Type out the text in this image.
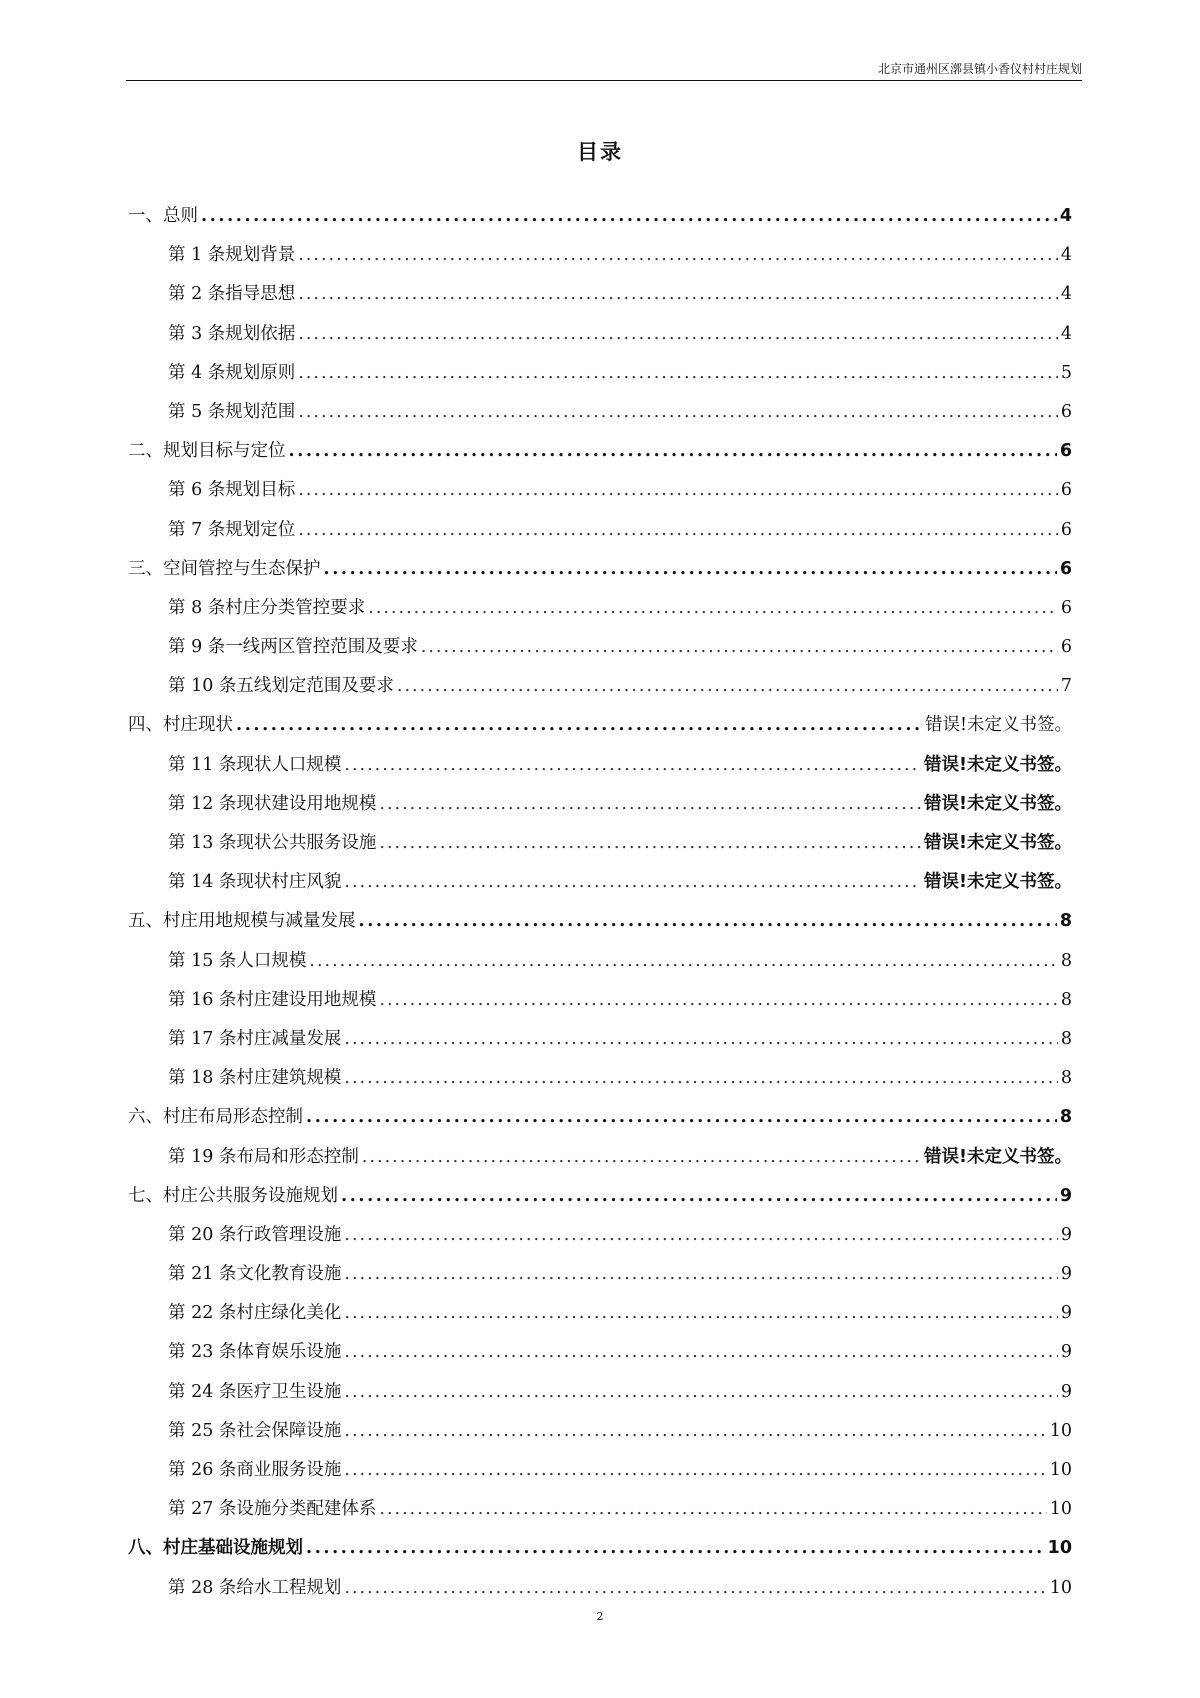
北京市通州区漷县镇小香仪村村庄规划
目录
一、 总则 .....	4
第 1 条 规划背景 .....	4
第 2 条 指导思想 .....	4
第 3 条 规划依据 .....	4
第 4 条 规划原则 .....	5
第 5 条 规划范围 .....	6
二、 规划目标与定位 .....	6
第 6 条 规划目标 .....	6
第 7 条 规划定位 .....	6
三、 空间管控与生态保护 .....	6
第 8 条 村庄分类管控要求 .....	6
第 9 条 一线两区管控范围及要求 .....	6
第 10 条 五线划定范围及要求 .....	7
四、 村庄现状 .....	错误!未定义书签。
第 11 条 现状人口规模 .....	错误!未定义书签。
第 12 条 现状建设用地规模 .....	错误!未定义书签。
第 13 条 现状公共服务设施 .....	错误!未定义书签。
第 14 条 现状村庄风貌 .....	错误!未定义书签。
五、 村庄用地规模与减量发展 .....	8
第 15 条 人口规模 .....	8
第 16 条 村庄建设用地规模 .....	8
第 17 条 村庄减量发展 .....	8
第 18 条 村庄建筑规模 .....	8
六、 村庄布局形态控制 .....	8
第 19 条 布局和形态控制 .....	错误!未定义书签。
七、 村庄公共服务设施规划 .....	9
第 20 条 行政管理设施 .....	9
第 21 条 文化教育设施 .....	9
第 22 条 村庄绿化美化 .....	9
第 23 条 体育娱乐设施 .....	9
第 24 条 医疗卫生设施 .....	9
第 25 条 社会保障设施 .....	10
第 26 条 商业服务设施 .....	10
第 27 条 设施分类配建体系 .....	10
八、 村庄基础设施规划 .....	10
第 28 条 给水工程规划 .....	10
2
